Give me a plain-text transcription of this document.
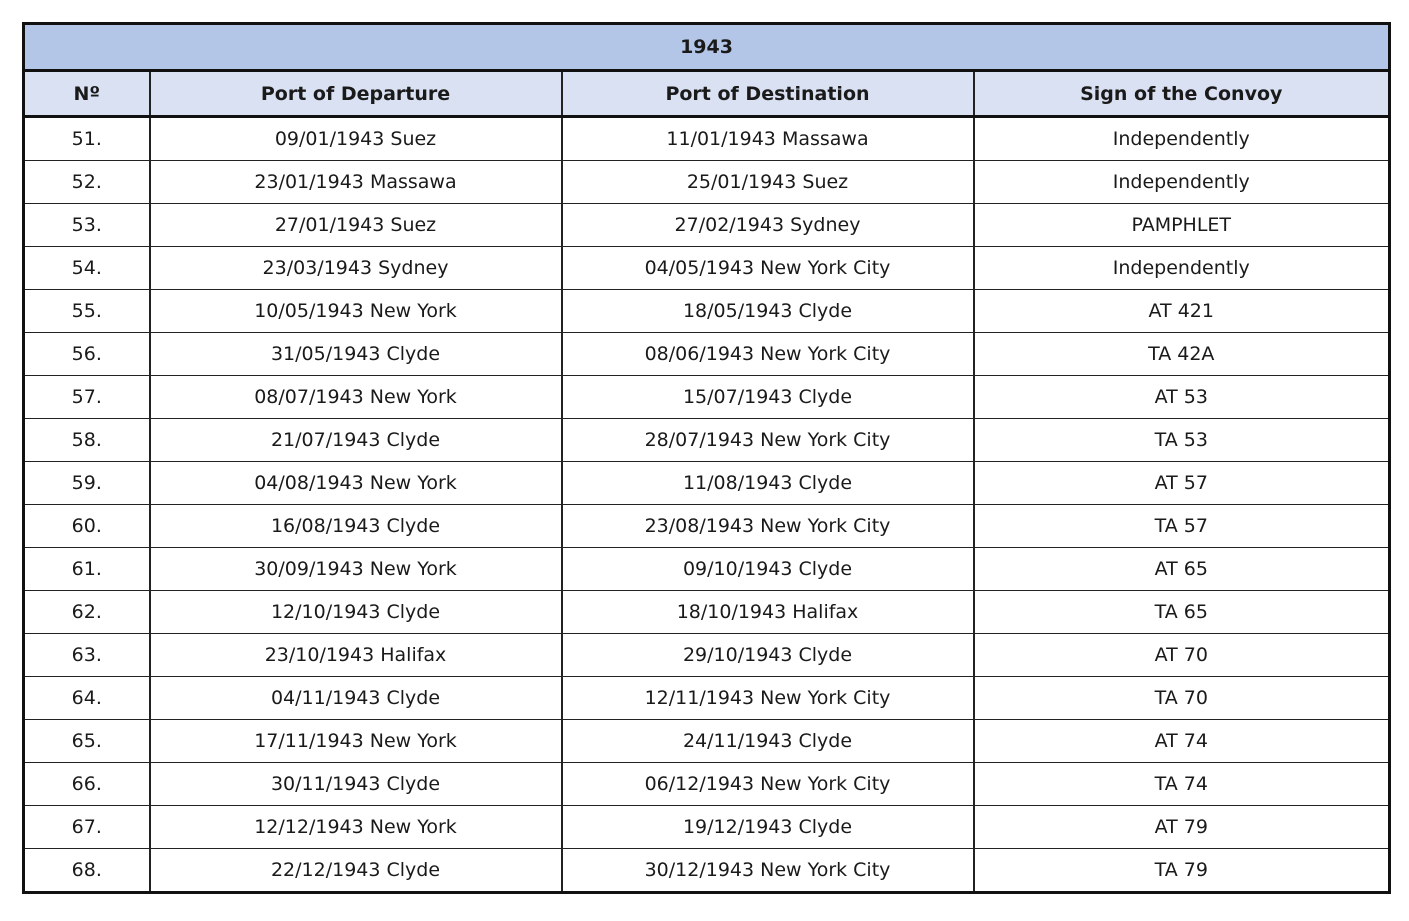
1943			
Nº	Port of Departure	Port of Destination	Sign of the Convoy
51.	09/01/1943 Suez	11/01/1943 Massawa	Independently
52.	23/01/1943 Massawa	25/01/1943 Suez	Independently
53.	27/01/1943 Suez	27/02/1943 Sydney	PAMPHLET
54.	23/03/1943 Sydney	04/05/1943 New York City	Independently
55.	10/05/1943 New York	18/05/1943 Clyde	AT 421
56.	31/05/1943 Clyde	08/06/1943 New York City	TA 42A
57.	08/07/1943 New York	15/07/1943 Clyde	AT 53
58.	21/07/1943 Clyde	28/07/1943 New York City	TA 53
59.	04/08/1943 New York	11/08/1943 Clyde	AT 57
60.	16/08/1943 Clyde	23/08/1943 New York City	TA 57
61.	30/09/1943 New York	09/10/1943 Clyde	AT 65
62.	12/10/1943 Clyde	18/10/1943 Halifax	TA 65
63.	23/10/1943 Halifax	29/10/1943 Clyde	AT 70
64.	04/11/1943 Clyde	12/11/1943 New York City	TA 70
65.	17/11/1943 New York	24/11/1943 Clyde	AT 74
66.	30/11/1943 Clyde	06/12/1943 New York City	TA 74
67.	12/12/1943 New York	19/12/1943 Clyde	AT 79
68.	22/12/1943 Clyde	30/12/1943 New York City	TA 79
